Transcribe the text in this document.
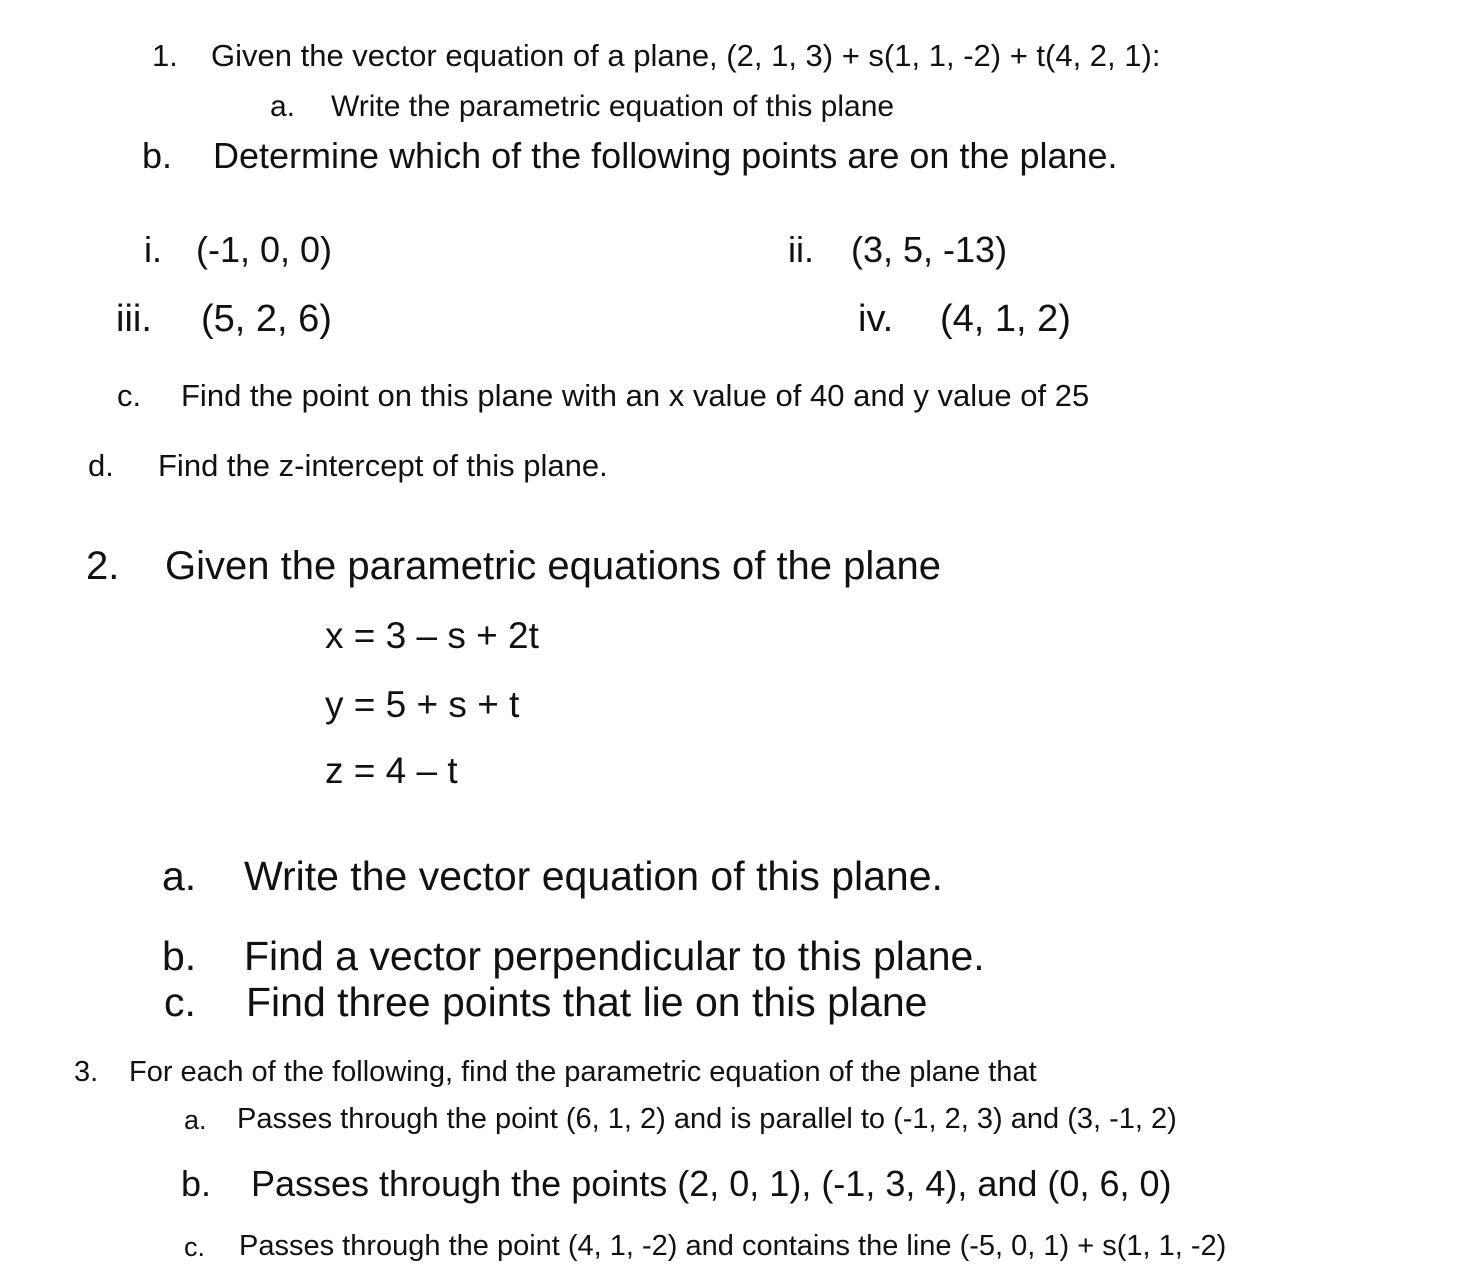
1. Given the vector equation of a plane, (2, 1, 3) + s(1, 1, -2) + t(4, 2, 1):
a. Write the parametric equation of this plane
b. Determine which of the following points are on the plane.
i. (-1, 0, 0)	ii. (3, 5, -13)
iii. (5, 2, 6)	iv. (4, 1, 2)
c. Find the point on this plane with an x value of 40 and y value of 25
d. Find the z-intercept of this plane.
2. Given the parametric equations of the plane
x = 3 – s + 2t
y = 5 + s + t
z = 4 – t
a. Write the vector equation of this plane.
b. Find a vector perpendicular to this plane.
c. Find three points that lie on this plane
3. For each of the following, find the parametric equation of the plane that
a. Passes through the point (6, 1, 2) and is parallel to (-1, 2, 3) and (3, -1, 2)
b. Passes through the points (2, 0, 1), (-1, 3, 4), and (0, 6, 0)
c. Passes through the point (4, 1, -2) and contains the line (-5, 0, 1) + s(1, 1, -2)
